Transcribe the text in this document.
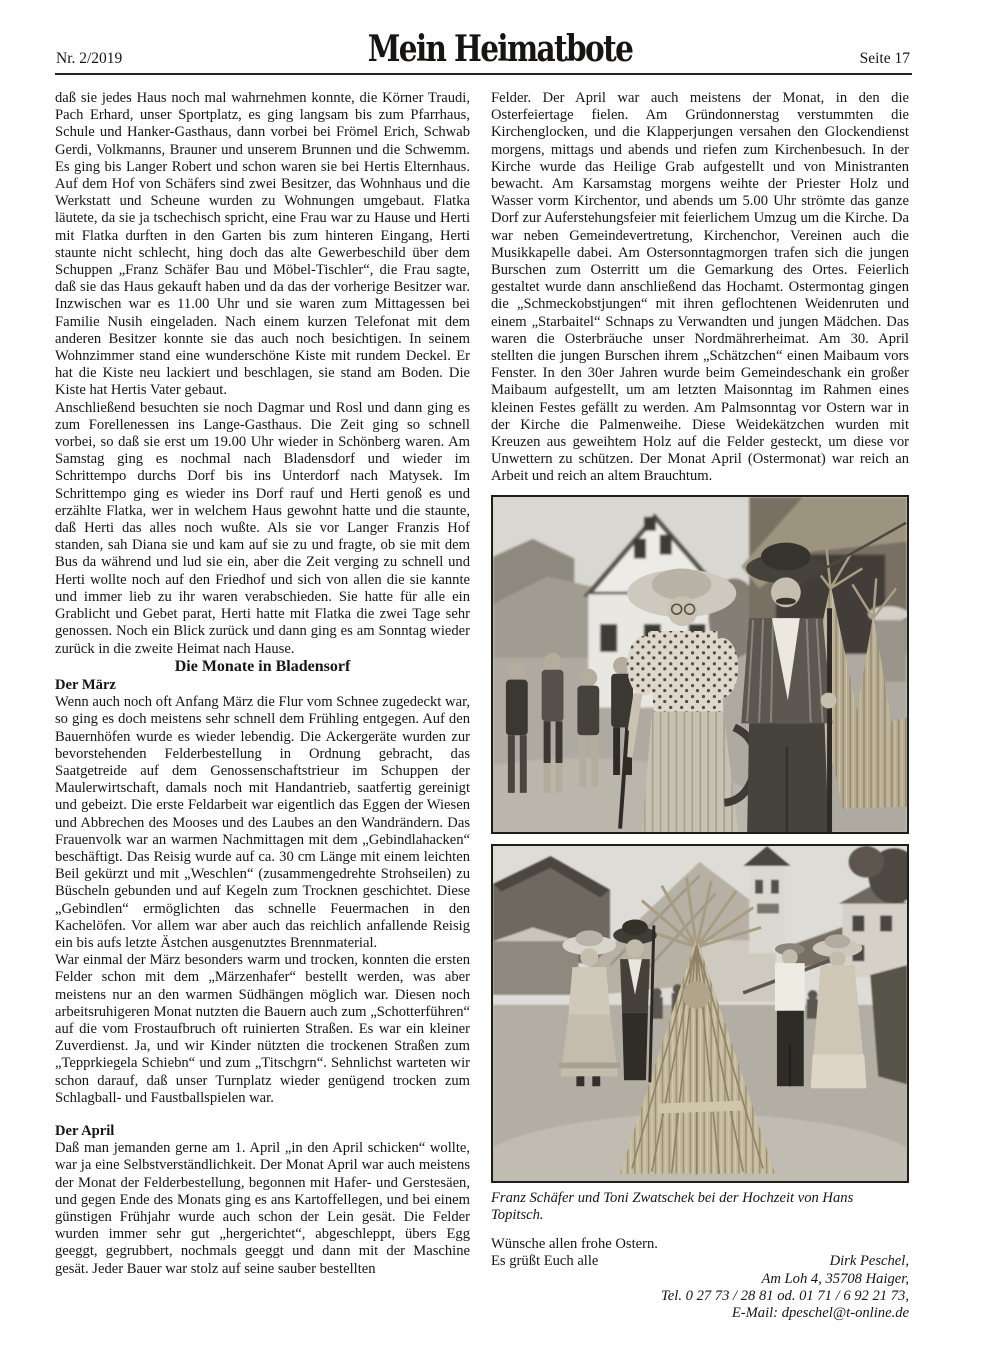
Nr. 2/2019	Mein Heimatbote	Seite 17

daß sie jedes Haus noch mal wahrnehmen konnte, die Körner Traudi, Pach Erhard, unser Sportplatz, es ging langsam bis zum Pfarrhaus, Schule und Hanker-Gasthaus, dann vorbei bei Frömel Erich, Schwab Gerdi, Volkmanns, Brauner und unserem Brunnen und die Schwemm. Es ging bis Langer Robert und schon waren sie bei Hertis Elternhaus. Auf dem Hof von Schäfers sind zwei Besitzer, das Wohnhaus und die Werkstatt und Scheune wurden zu Wohnungen umgebaut. Flatka läutete, da sie ja tschechisch spricht, eine Frau war zu Hause und Herti mit Flatka durften in den Garten bis zum hinteren Eingang, Herti staunte nicht schlecht, hing doch das alte Gewerbeschild über dem Schuppen „Franz Schäfer Bau und Möbel-Tischler“, die Frau sagte, daß sie das Haus gekauft haben und da das der vorherige Besitzer war. Inzwischen war es 11.00 Uhr und sie waren zum Mittagessen bei Familie Nusih eingeladen. Nach einem kurzen Telefonat mit dem anderen Besitzer konnte sie das auch noch besichtigen. In seinem Wohnzimmer stand eine wunderschöne Kiste mit rundem Deckel. Er hat die Kiste neu lackiert und beschlagen, sie stand am Boden. Die Kiste hat Hertis Vater gebaut.

Anschließend besuchten sie noch Dagmar und Rosl und dann ging es zum Forellenessen ins Lange-Gasthaus. Die Zeit ging so schnell vorbei, so daß sie erst um 19.00 Uhr wieder in Schönberg waren. Am Samstag ging es nochmal nach Bladensdorf und wieder im Schrittempo durchs Dorf bis ins Unterdorf nach Matysek. Im Schrittempo ging es wieder ins Dorf rauf und Herti genoß es und erzählte Flatka, wer in welchem Haus gewohnt hatte und die staunte, daß Herti das alles noch wußte. Als sie vor Langer Franzis Hof standen, sah Diana sie und kam auf sie zu und fragte, ob sie mit dem Bus da während und lud sie ein, aber die Zeit verging zu schnell und Herti wollte noch auf den Friedhof und sich von allen die sie kannte und immer lieb zu ihr waren verabschieden. Sie hatte für alle ein Grablicht und Gebet parat, Herti hatte mit Flatka die zwei Tage sehr genossen. Noch ein Blick zurück und dann ging es am Sonntag wieder zurück in die zweite Heimat nach Hause.

Die Monate in Bladensorf

Der März

Wenn auch noch oft Anfang März die Flur vom Schnee zugedeckt war, so ging es doch meistens sehr schnell dem Frühling entgegen. Auf den Bauernhöfen wurde es wieder lebendig. Die Ackergeräte wurden zur bevorstehenden Felderbestellung in Ordnung gebracht, das Saatgetreide auf dem Genossenschaftstrieur im Schuppen der Maulerwirtschaft, damals noch mit Handantrieb, saatfertig gereinigt und gebeizt. Die erste Feldarbeit war eigentlich das Eggen der Wiesen und Abbrechen des Mooses und des Laubes an den Wandrändern. Das Frauenvolk war an warmen Nachmittagen mit dem „Gebindlahacken“ beschäftigt. Das Reisig wurde auf ca. 30 cm Länge mit einem leichten Beil gekürzt und mit „Weschlen“ (zusammengedrehte Strohseilen) zu Büscheln gebunden und auf Kegeln zum Trocknen geschichtet. Diese „Gebindlen“ ermöglichten das schnelle Feuermachen in den Kachelöfen. Vor allem war aber auch das reichlich anfallende Reisig ein bis aufs letzte Ästchen ausgenutztes Brennmaterial.

War einmal der März besonders warm und trocken, konnten die ersten Felder schon mit dem „Märzenhafer“ bestellt werden, was aber meistens nur an den warmen Südhängen möglich war. Diesen noch arbeitsruhigeren Monat nutzten die Bauern auch zum „Schotterführen“ auf die vom Frostaufbruch oft ruinierten Straßen. Es war ein kleiner Zuverdienst. Ja, und wir Kinder nützten die trockenen Straßen zum „Tepprkiegela Schiebn“ und zum „Titschgrn“. Sehnlichst warteten wir schon darauf, daß unser Turnplatz wieder genügend trocken zum Schlagball- und Faustballspielen war.

Der April

Daß man jemanden gerne am 1. April „in den April schicken“ wollte, war ja eine Selbstverständlichkeit. Der Monat April war auch meistens der Monat der Felderbestellung, begonnen mit Hafer- und Gerstesäen, und gegen Ende des Monats ging es ans Kartoffellegen, und bei einem günstigen Frühjahr wurde auch schon der Lein gesät. Die Felder wurden immer sehr gut „hergerichtet“, abgeschleppt, übers Egg geeggt, gegrubbert, nochmals geeggt und dann mit der Maschine gesät. Jeder Bauer war stolz auf seine sauber bestellten

Felder. Der April war auch meistens der Monat, in den die Osterfeiertage fielen. Am Gründonnerstag verstummten die Kirchenglocken, und die Klapperjungen versahen den Glockendienst morgens, mittags und abends und riefen zum Kirchenbesuch. In der Kirche wurde das Heilige Grab aufgestellt und von Ministranten bewacht. Am Karsamstag morgens weihte der Priester Holz und Wasser vorm Kirchentor, und abends um 5.00 Uhr strömte das ganze Dorf zur Auferstehungsfeier mit feierlichem Umzug um die Kirche. Da war neben Gemeindevertretung, Kirchenchor, Vereinen auch die Musikkapelle dabei. Am Ostersonntagmorgen trafen sich die jungen Burschen zum Osterritt um die Gemarkung des Ortes. Feierlich gestaltet wurde dann anschließend das Hochamt. Ostermontag gingen die „Schmeckobstjungen“ mit ihren geflochtenen Weidenruten und einem „Starbaitel“ Schnaps zu Verwandten und jungen Mädchen. Das waren die Osterbräuche unser Nordmährerheimat. Am 30. April stellten die jungen Burschen ihrem „Schätzchen“ einen Maibaum vors Fenster. In den 30er Jahren wurde beim Gemeindeschank ein großer Maibaum aufgestellt, um am letzten Maisonntag im Rahmen eines kleinen Festes gefällt zu werden. Am Palmsonntag vor Ostern war in der Kirche die Palmenweihe. Diese Weidekätzchen wurden mit Kreuzen aus geweihtem Holz auf die Felder gesteckt, um diese vor Unwettern zu schützen. Der Monat April (Ostermonat) war reich an Arbeit und reich an altem Brauchtum.

Franz Schäfer und Toni Zwatschek bei der Hochzeit von Hans Topitsch.

Wünsche allen frohe Ostern.

Es grüßt Euch alle	Dirk Peschel,
Am Loh 4, 35708 Haiger,
Tel. 0 27 73 / 28 81 od. 01 71 / 6 92 21 73,
E-Mail: dpeschel@t-online.de
